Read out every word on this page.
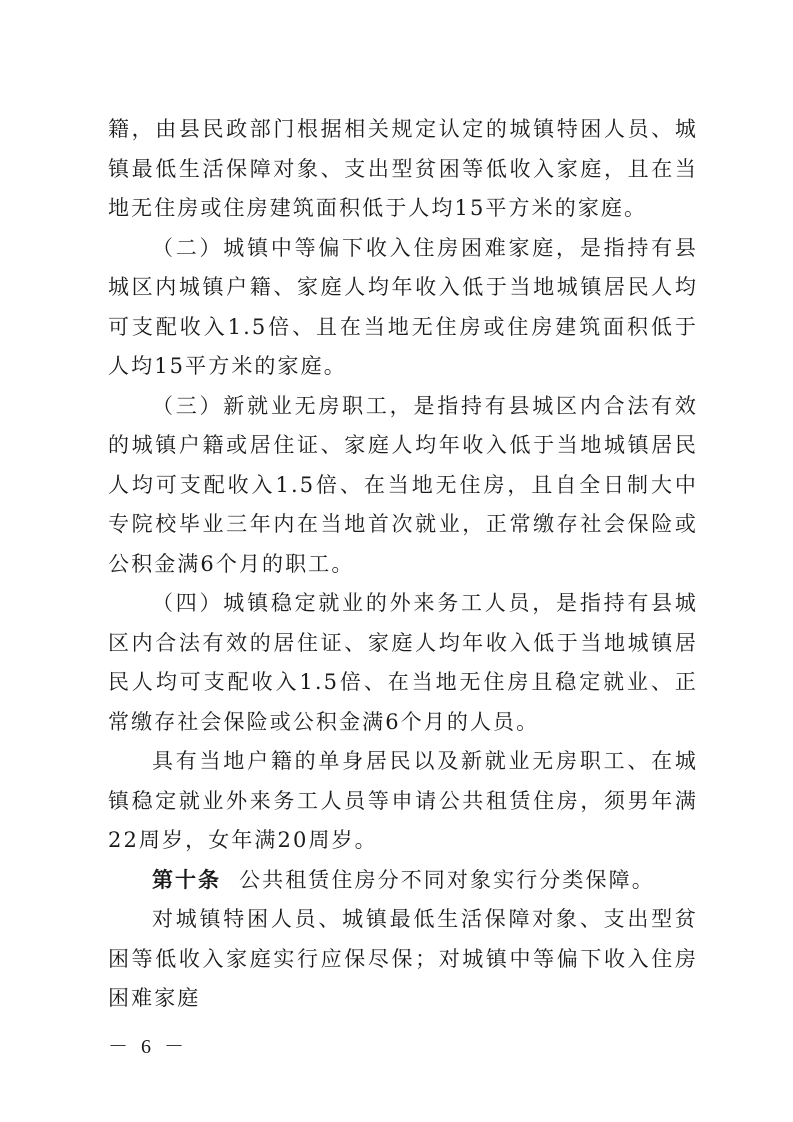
籍，由县民政部门根据相关规定认定的城镇特困人员、城镇最低生活保障对象、支出型贫困等低收入家庭，且在当地无住房或住房建筑面积低于人均15平方米的家庭。

（二）城镇中等偏下收入住房困难家庭，是指持有县城区内城镇户籍、家庭人均年收入低于当地城镇居民人均可支配收入1.5倍、且在当地无住房或住房建筑面积低于人均15平方米的家庭。

（三）新就业无房职工，是指持有县城区内合法有效的城镇户籍或居住证、家庭人均年收入低于当地城镇居民人均可支配收入1.5倍、在当地无住房，且自全日制大中专院校毕业三年内在当地首次就业，正常缴存社会保险或公积金满6个月的职工。

（四）城镇稳定就业的外来务工人员，是指持有县城区内合法有效的居住证、家庭人均年收入低于当地城镇居民人均可支配收入1.5倍、在当地无住房且稳定就业、正常缴存社会保险或公积金满6个月的人员。

具有当地户籍的单身居民以及新就业无房职工、在城镇稳定就业外来务工人员等申请公共租赁住房，须男年满22周岁，女年满20周岁。

第十条 公共租赁住房分不同对象实行分类保障。

对城镇特困人员、城镇最低生活保障对象、支出型贫困等低收入家庭实行应保尽保；对城镇中等偏下收入住房困难家庭

－ 6 －
